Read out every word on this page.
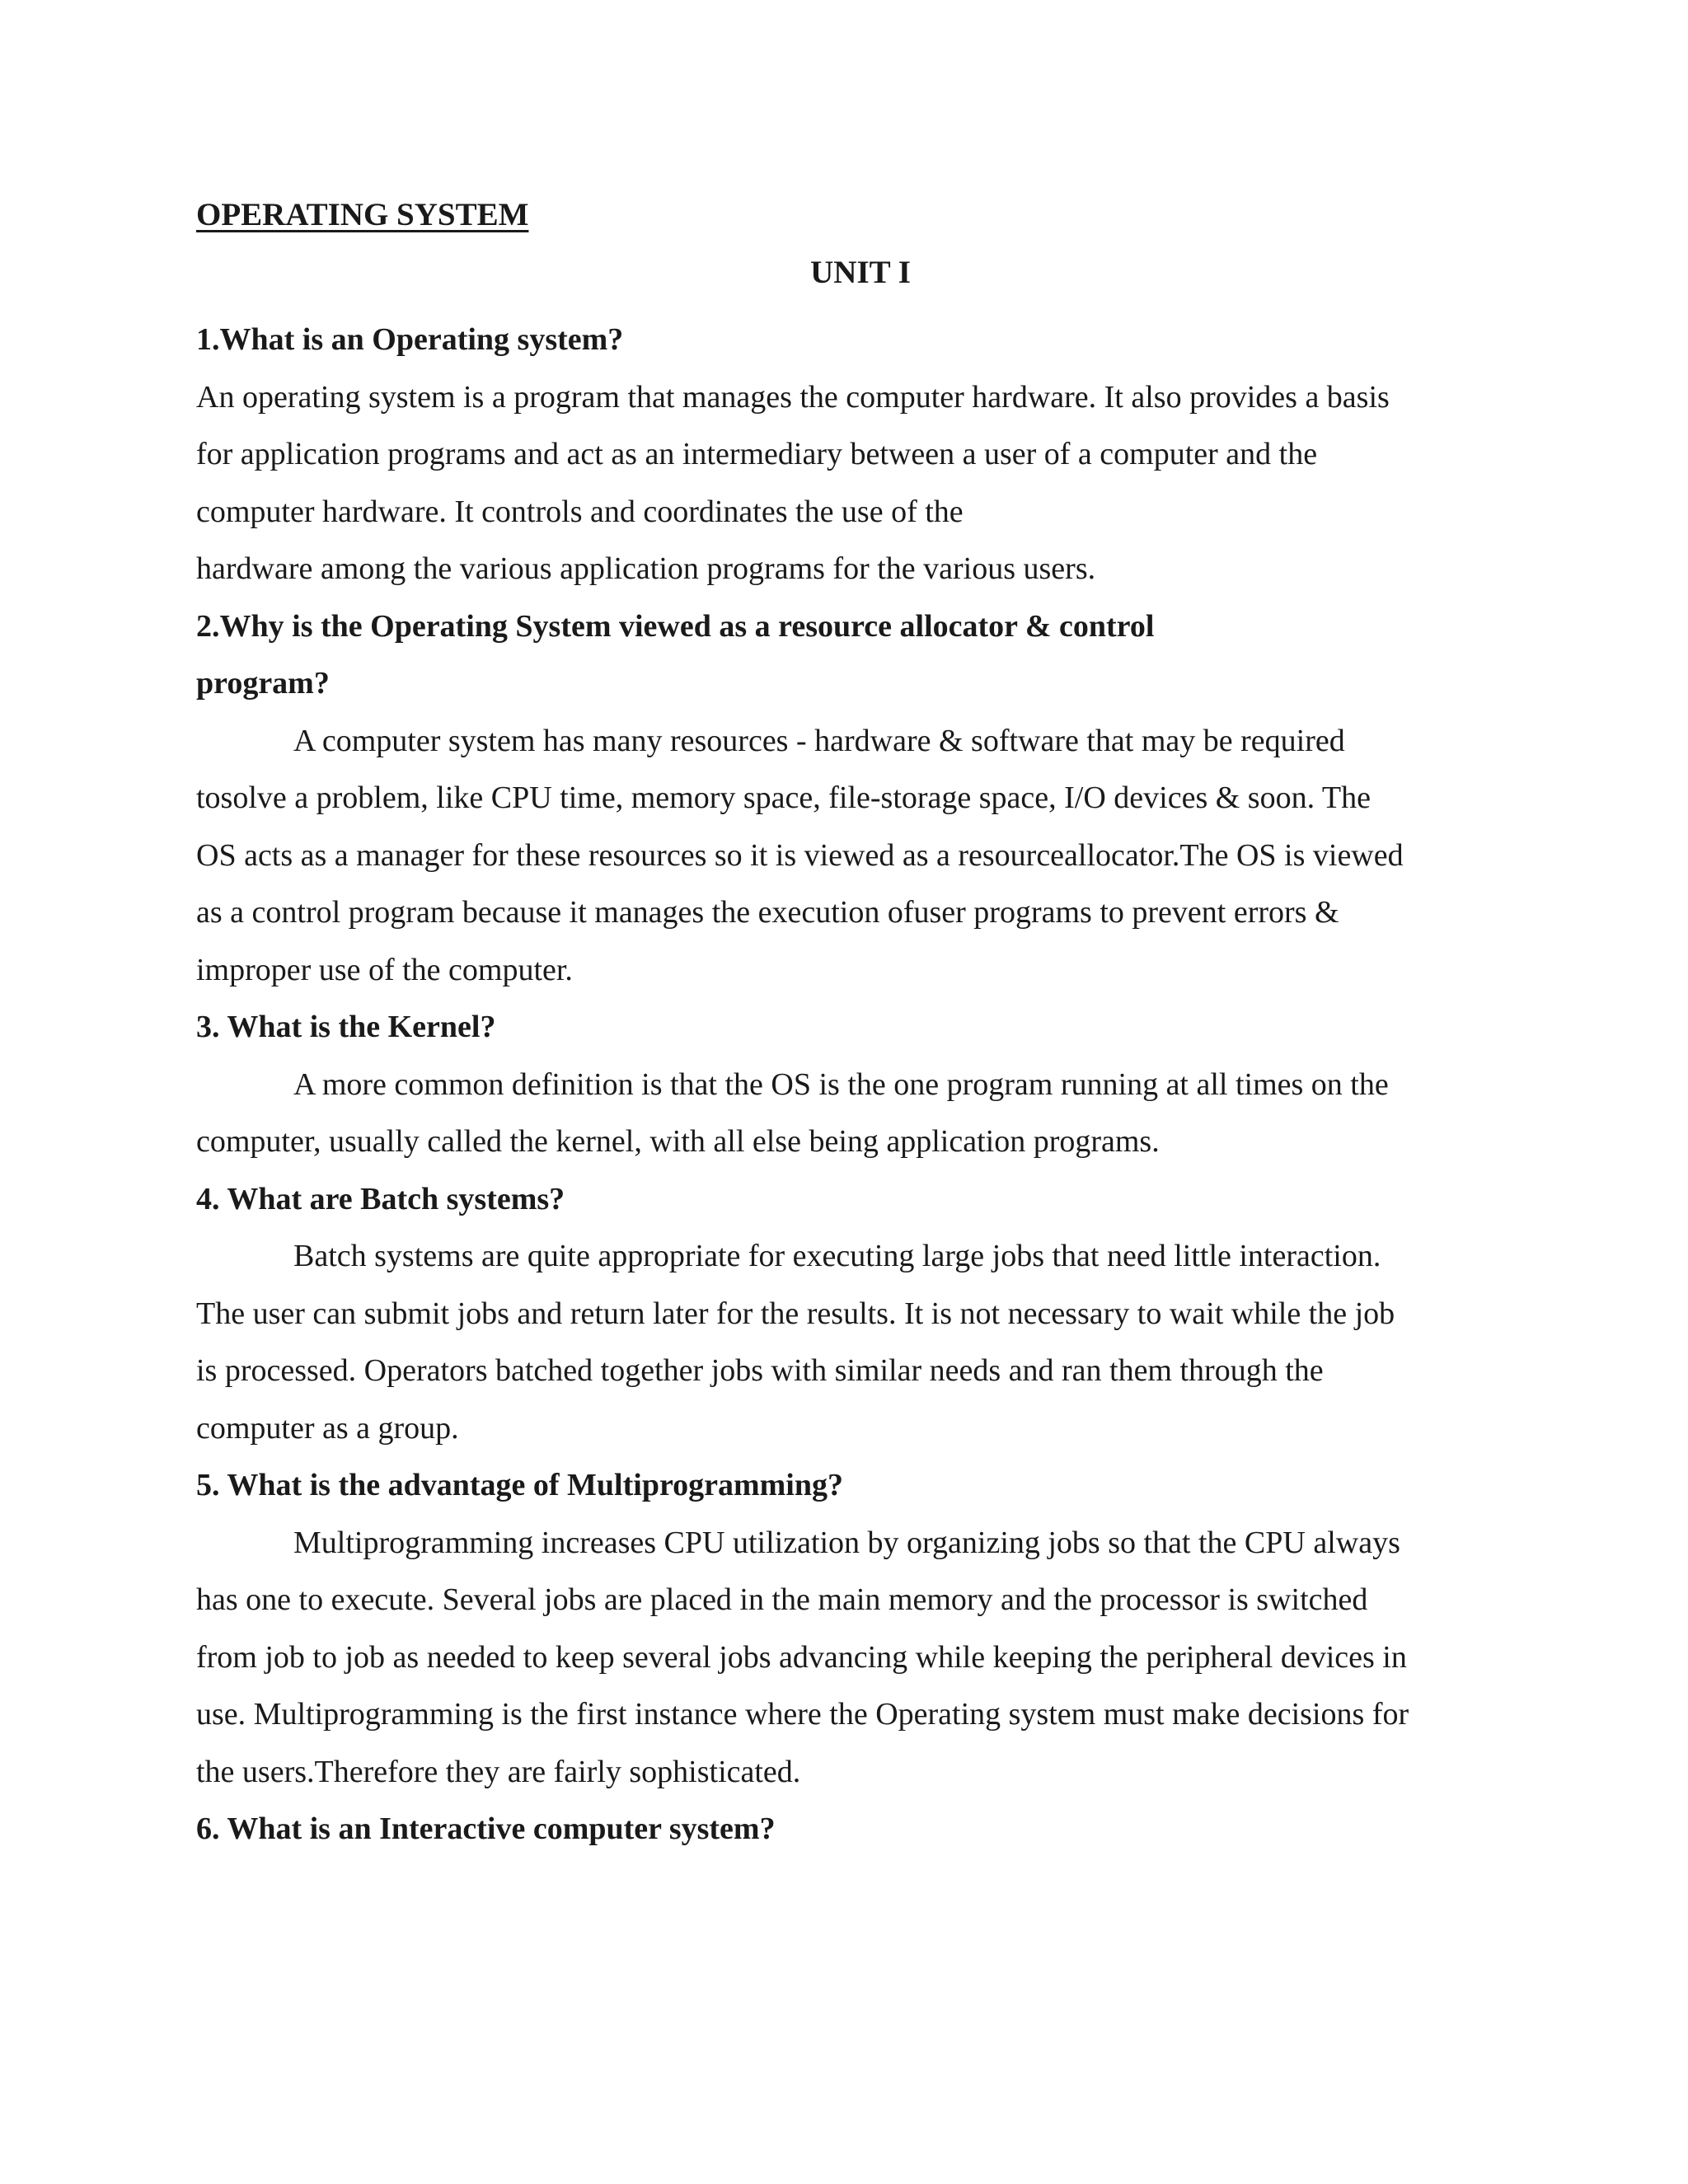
OPERATING SYSTEM
UNIT I
1.What is an Operating system?
An operating system is a program that manages the computer hardware. It also provides a basis
for application programs and act as an intermediary between a user of a computer and the
computer hardware. It controls and coordinates the use of the
hardware among the various application programs for the various users.
2.Why is the Operating System viewed as a resource allocator & control
program?
A computer system has many resources - hardware & software that may be required
tosolve a problem, like CPU time, memory space, file-storage space, I/O devices & soon. The
OS acts as a manager for these resources so it is viewed as a resourceallocator.The OS is viewed
as a control program because it manages the execution ofuser programs to prevent errors &
improper use of the computer.
3. What is the Kernel?
A more common definition is that the OS is the one program running at all times on the
computer, usually called the kernel, with all else being application programs.
4. What are Batch systems?
Batch systems are quite appropriate for executing large jobs that need little interaction.
The user can submit jobs and return later for the results. It is not necessary to wait while the job
is processed. Operators batched together jobs with similar needs and ran them through the
computer as a group.
5. What is the advantage of Multiprogramming?
Multiprogramming increases CPU utilization by organizing jobs so that the CPU always
has one to execute. Several jobs are placed in the main memory and the processor is switched
from job to job as needed to keep several jobs advancing while keeping the peripheral devices in
use. Multiprogramming is the first instance where the Operating system must make decisions for
the users.Therefore they are fairly sophisticated.
6. What is an Interactive computer system?
